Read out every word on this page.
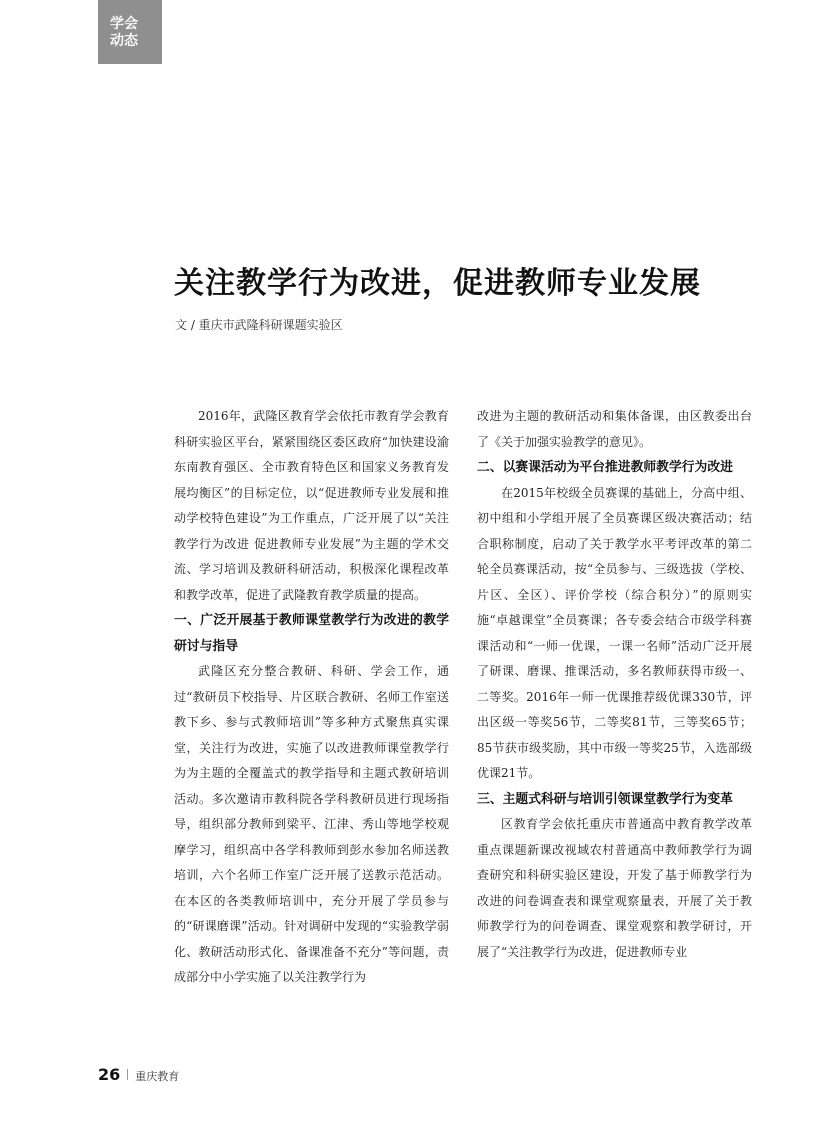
学会
动态
关注教学行为改进，促进教师专业发展
文 / 重庆市武隆科研课题实验区

2016年，武隆区教育学会依托市教育学会教育科研实验区平台，紧紧围绕区委区政府“加快建设渝东南教育强区、全市教育特色区和国家义务教育发展均衡区”的目标定位，以“促进教师专业发展和推动学校特色建设”为工作重点，广泛开展了以“关注教学行为改进 促进教师专业发展”为主题的学术交流、学习培训及教研科研活动，积极深化课程改革和教学改革，促进了武隆教育教学质量的提高。

一、广泛开展基于教师课堂教学行为改进的教学研讨与指导

武隆区充分整合教研、科研、学会工作，通过“教研员下校指导、片区联合教研、名师工作室送教下乡、参与式教师培训”等多种方式聚焦真实课堂，关注行为改进，实施了以改进教师课堂教学行为为主题的全覆盖式的教学指导和主题式教研培训活动。多次邀请市教科院各学科教研员进行现场指导，组织部分教师到梁平、江津、秀山等地学校观摩学习，组织高中各学科教师到彭水参加名师送教培训，六个名师工作室广泛开展了送教示范活动。在本区的各类教师培训中，充分开展了学员参与的“研课磨课”活动。针对调研中发现的“实验教学弱化、教研活动形式化、备课准备不充分”等问题，责成部分中小学实施了以关注教学行为

改进为主题的教研活动和集体备课，由区教委出台了《关于加强实验教学的意见》。

二、以赛课活动为平台推进教师教学行为改进

在2015年校级全员赛课的基础上，分高中组、初中组和小学组开展了全员赛课区级决赛活动；结合职称制度，启动了关于教学水平考评改革的第二轮全员赛课活动，按“全员参与、三级选拔（学校、片区、全区）、评价学校（综合积分）”的原则实施“卓越课堂”全员赛课；各专委会结合市级学科赛课活动和“一师一优课，一课一名师”活动广泛开展了研课、磨课、推课活动，多名教师获得市级一、二等奖。2016年一师一优课推荐级优课330节，评出区级一等奖56节，二等奖81节，三等奖65节；85节获市级奖励，其中市级一等奖25节，入选部级优课21节。

三、主题式科研与培训引领课堂教学行为变革

区教育学会依托重庆市普通高中教育教学改革重点课题新课改视域农村普通高中教师教学行为调查研究和科研实验区建设，开发了基于师教学行为改进的问卷调查表和课堂观察量表，开展了关于教师教学行为的问卷调查、课堂观察和教学研讨，开展了“关注教学行为改进，促进教师专业

26 重庆教育
